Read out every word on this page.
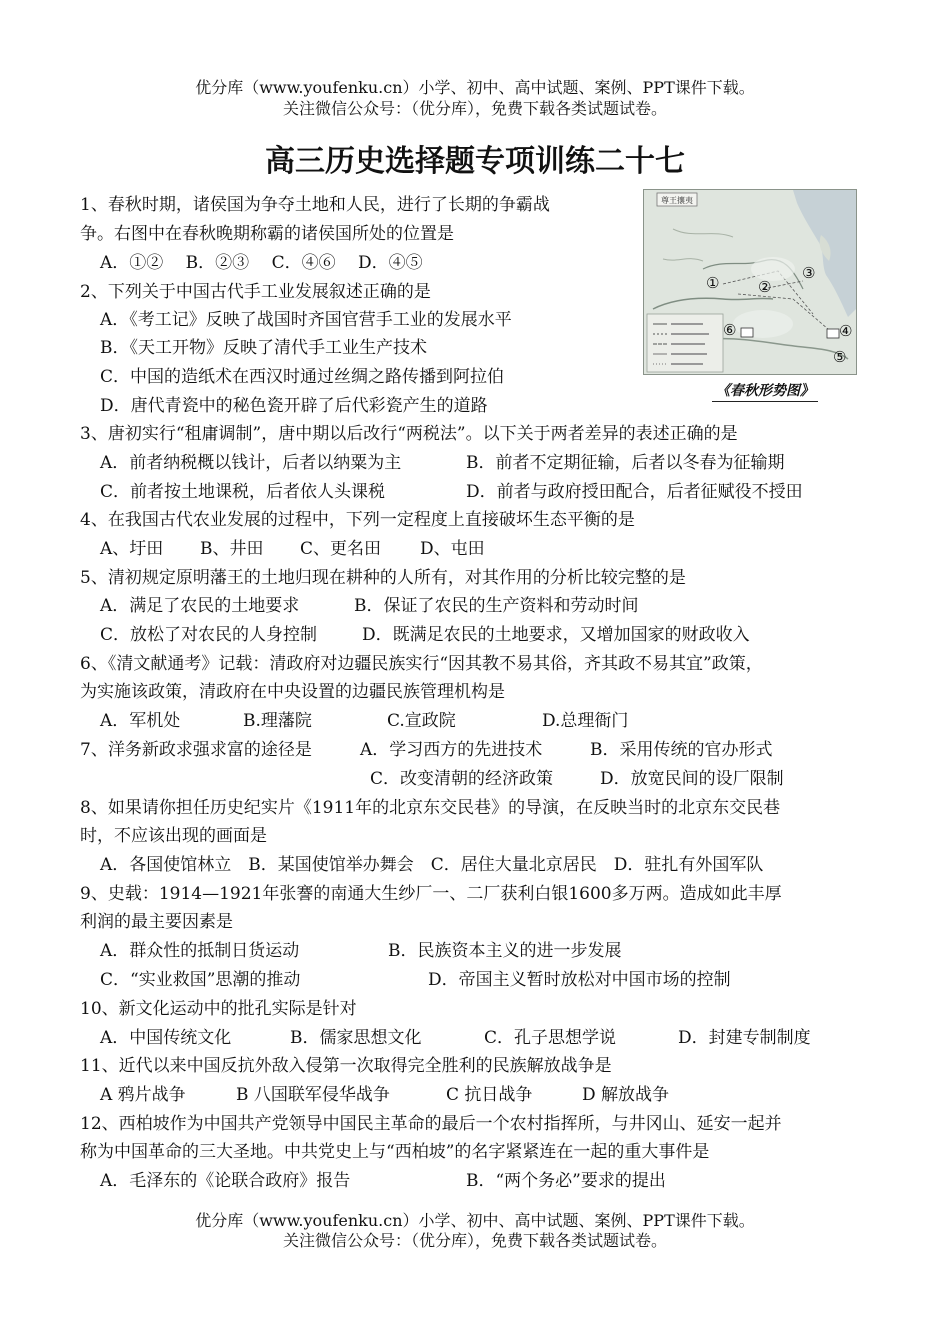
优分库（www.youfenku.cn）小学、初中、高中试题、案例、PPT课件下载。
关注微信公众号：（优分库），免费下载各类试题试卷。
高三历史选择题专项训练二十七
尊王攘夷
①	②
③
④
⑤
⑥
《春秋形势图》
1、春秋时期，诸侯国为争夺土地和人民，进行了长期的争霸战
争。右图中在春秋晚期称霸的诸侯国所处的位置是
A．①②　 B．②③　 C．④⑥　 D．④⑤
2、下列关于中国古代手工业发展叙述正确的是
A．《考工记》反映了战国时齐国官营手工业的发展水平
B．《天工开物》反映了清代手工业生产技术
C．中国的造纸术在西汉时通过丝绸之路传播到阿拉伯
D．唐代青瓷中的秘色瓷开辟了后代彩瓷产生的道路
3、唐初实行“租庸调制”，唐中期以后改行“两税法”。以下关于两者差异的表述正确的是
A．前者纳税概以钱计，后者以纳粟为主	B．前者不定期征输，后者以冬春为征输期
C．前者按土地课税，后者依人头课税	D．前者与政府授田配合，后者征赋役不授田
4、在我国古代农业发展的过程中，下列一定程度上直接破坏生态平衡的是
A、圩田 B、井田 C、更名田 D、屯田
5、清初规定原明藩王的土地归现在耕种的人所有，对其作用的分析比较完整的是
A．满足了农民的土地要求	B．保证了农民的生产资料和劳动时间
C．放松了对农民的人身控制	D．既满足农民的土地要求，又增加国家的财政收入
6、《清文献通考》记载：清政府对边疆民族实行“因其教不易其俗，齐其政不易其宜”政策，
为实施该政策，清政府在中央设置的边疆民族管理机构是
A．军机处	B.理藩院	C.宣政院	D.总理衙门
7、洋务新政求强求富的途径是	A．学习西方的先进技术	B．采用传统的官办形式
C．改变清朝的经济政策	D．放宽民间的设厂限制
8、如果请你担任历史纪实片《1911年的北京东交民巷》的导演，在反映当时的北京东交民巷
时，不应该出现的画面是
A．各国使馆林立　B．某国使馆举办舞会　C．居住大量北京居民　D．驻扎有外国军队
9、史载：1914—1921年张謇的南通大生纱厂一、二厂获利白银1600多万两。造成如此丰厚
利润的最主要因素是
A．群众性的抵制日货运动	B．民族资本主义的进一步发展
C．“实业救国”思潮的推动	D．帝国主义暂时放松对中国市场的控制
10、新文化运动中的批孔实际是针对
A．中国传统文化	B．儒家思想文化	C．孔子思想学说	D．封建专制制度
11、近代以来中国反抗外敌入侵第一次取得完全胜利的民族解放战争是
A 鸦片战争	B 八国联军侵华战争	C 抗日战争	D 解放战争
12、西柏坡作为中国共产党领导中国民主革命的最后一个农村指挥所，与井冈山、延安一起并
称为中国革命的三大圣地。中共党史上与“西柏坡”的名字紧紧连在一起的重大事件是
A．毛泽东的《论联合政府》报告	B．“两个务必”要求的提出
优分库（www.youfenku.cn）小学、初中、高中试题、案例、PPT课件下载。
关注微信公众号：（优分库），免费下载各类试题试卷。
